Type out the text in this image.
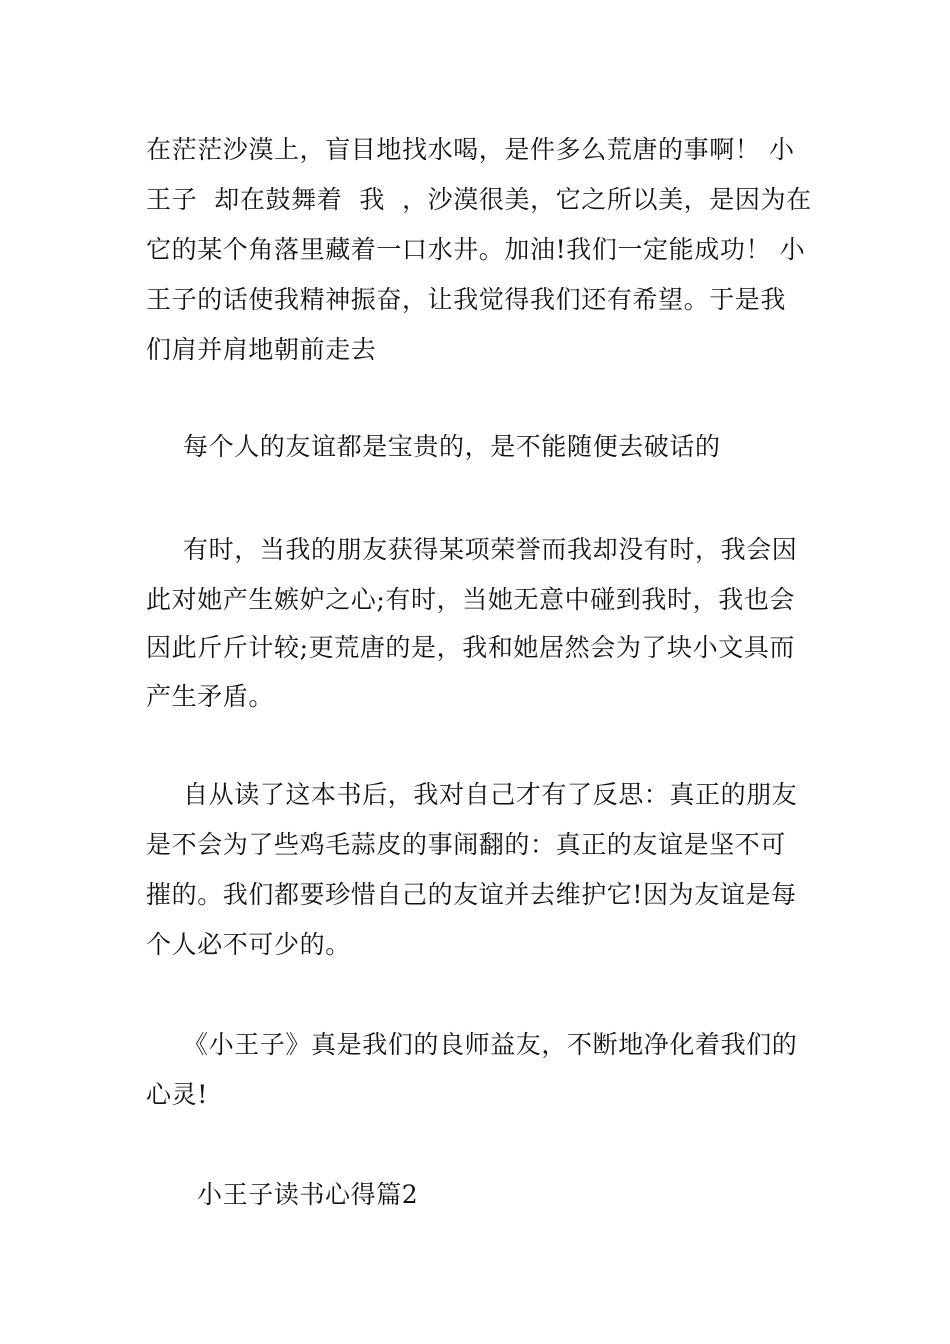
在茫茫沙漠上，盲目地找水喝，是件多么荒唐的事啊！ 小
王子  却在鼓舞着  我  ，沙漠很美，它之所以美，是因为在
它的某个角落里藏着一口水井。加油!我们一定能成功！ 小
王子的话使我精神振奋，让我觉得我们还有希望。于是我
们肩并肩地朝前走去
每个人的友谊都是宝贵的，是不能随便去破话的
有时，当我的朋友获得某项荣誉而我却没有时，我会因
此对她产生嫉妒之心;有时，当她无意中碰到我时，我也会
因此斤斤计较;更荒唐的是，我和她居然会为了块小文具而
产生矛盾。
自从读了这本书后，我对自己才有了反思：真正的朋友
是不会为了些鸡毛蒜皮的事闹翻的：真正的友谊是坚不可
摧的。我们都要珍惜自己的友谊并去维护它!因为友谊是每
个人必不可少的。
《小王子》真是我们的良师益友，不断地净化着我们的
心灵!
小王子读书心得篇2
